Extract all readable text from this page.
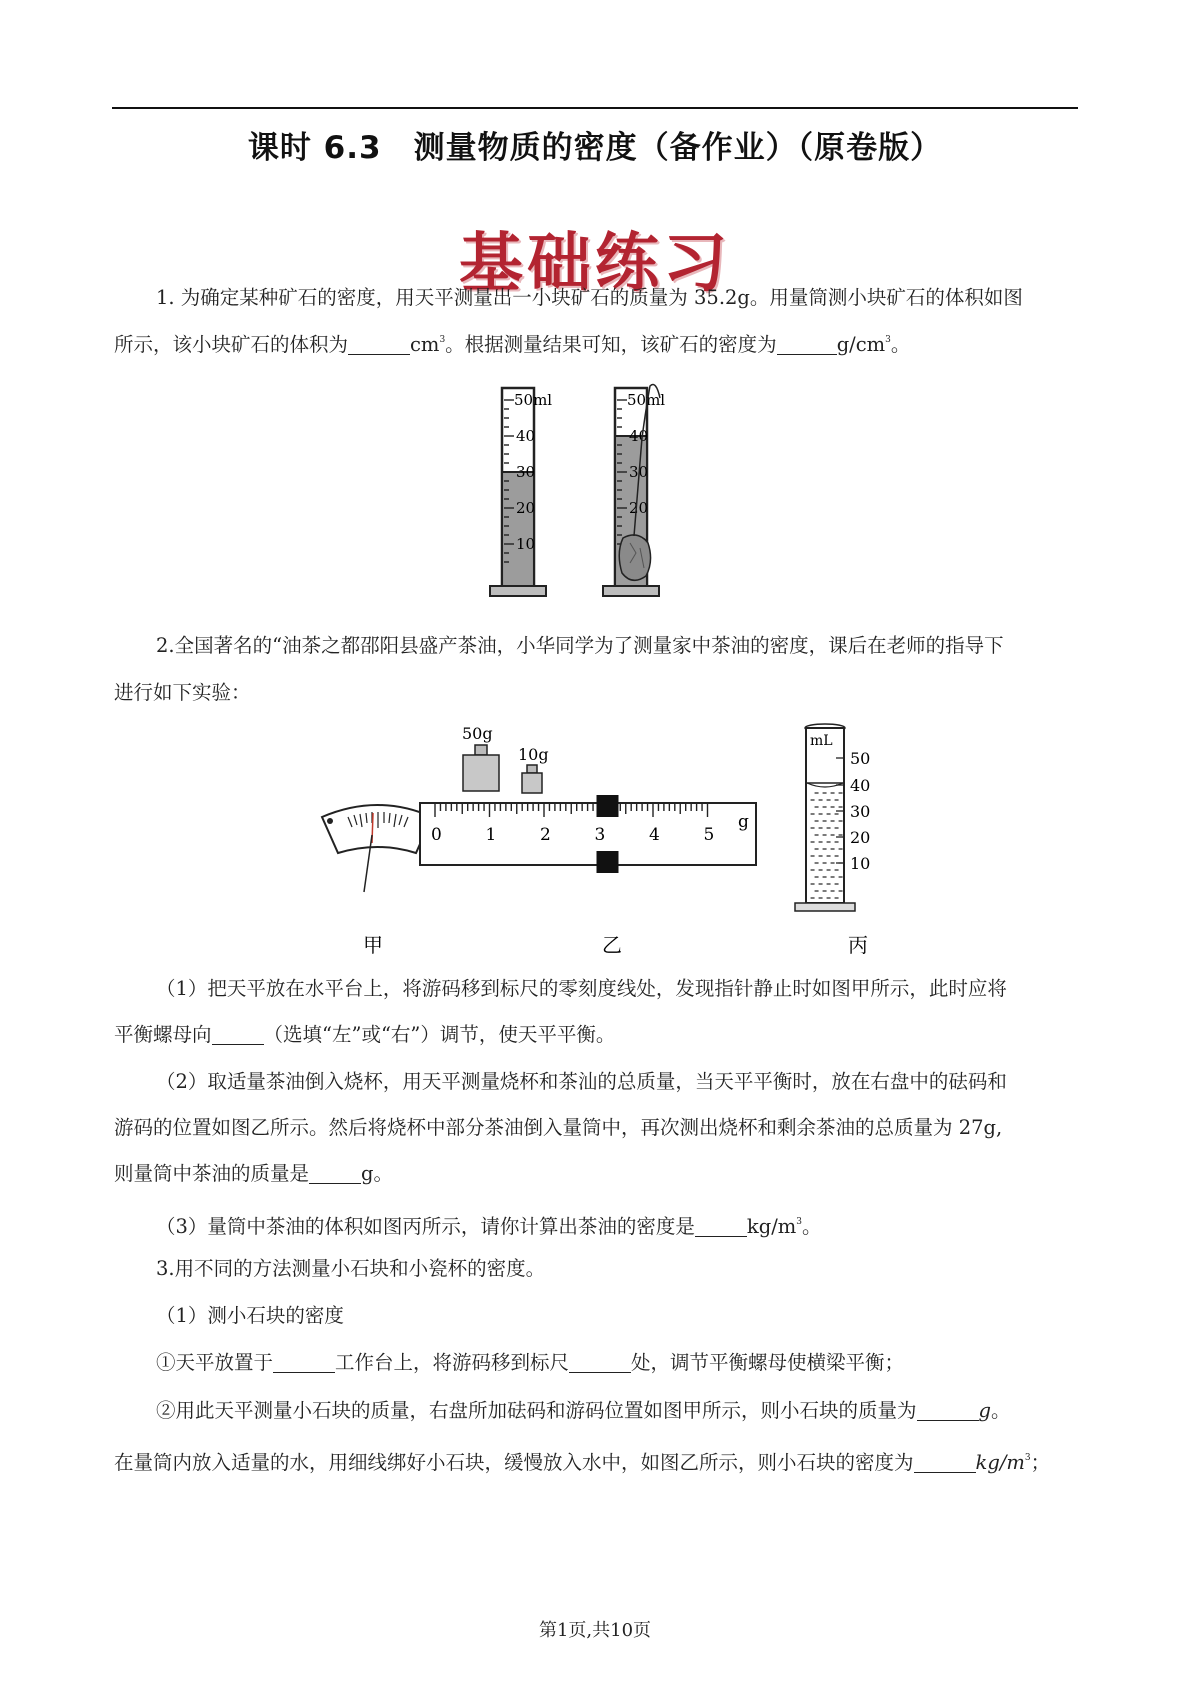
课时 6.3　测量物质的密度（备作业）（原卷版）
基础练习
1. 为确定某种矿石的密度，用天平测量出一小块矿石的质量为 35.2g。用量筒测小块矿石的体积如图
所示，该小块矿石的体积为	$cm^3$。根据测量结果可知，该矿石的密度为	$g/cm^3$。
50ml
40
30
20
10
50ml
40
30
20
2.全国著名的“油茶之都邵阳县盛产茶油，小华同学为了测量家中茶油的密度，课后在老师的指导下
进行如下实验：
50g
10g
0	1	2	3	4	5
g
mL
50
40
30
20
10
甲	乙	丙
（1）把天平放在水平台上，将游码移到标尺的零刻度线处，发现指针静止时如图甲所示，此时应将
平衡螺母向	（选填“左”或“右”）调节，使天平平衡。
（2）取适量茶油倒入烧杯，用天平测量烧杯和茶汕的总质量，当天平平衡时，放在右盘中的砝码和
游码的位置如图乙所示。然后将烧杯中部分茶油倒入量筒中，再次测出烧杯和剩余茶油的总质量为 27g,
则量筒中茶油的质量是	g。
（3）量筒中茶油的体积如图丙所示，请你计算出茶油的密度是	$kg/m^3$。
3.用不同的方法测量小石块和小瓷杯的密度。
（1）测小石块的密度
①天平放置于	工作台上，将游码移到标尺	处，调节平衡螺母使横梁平衡；
②用此天平测量小石块的质量，右盘所加砝码和游码位置如图甲所示，则小石块的质量为	g。
在量筒内放入适量的水，用细线绑好小石块，缓慢放入水中，如图乙所示，则小石块的密度为	$kg/m^3$；
第1页,共10页
